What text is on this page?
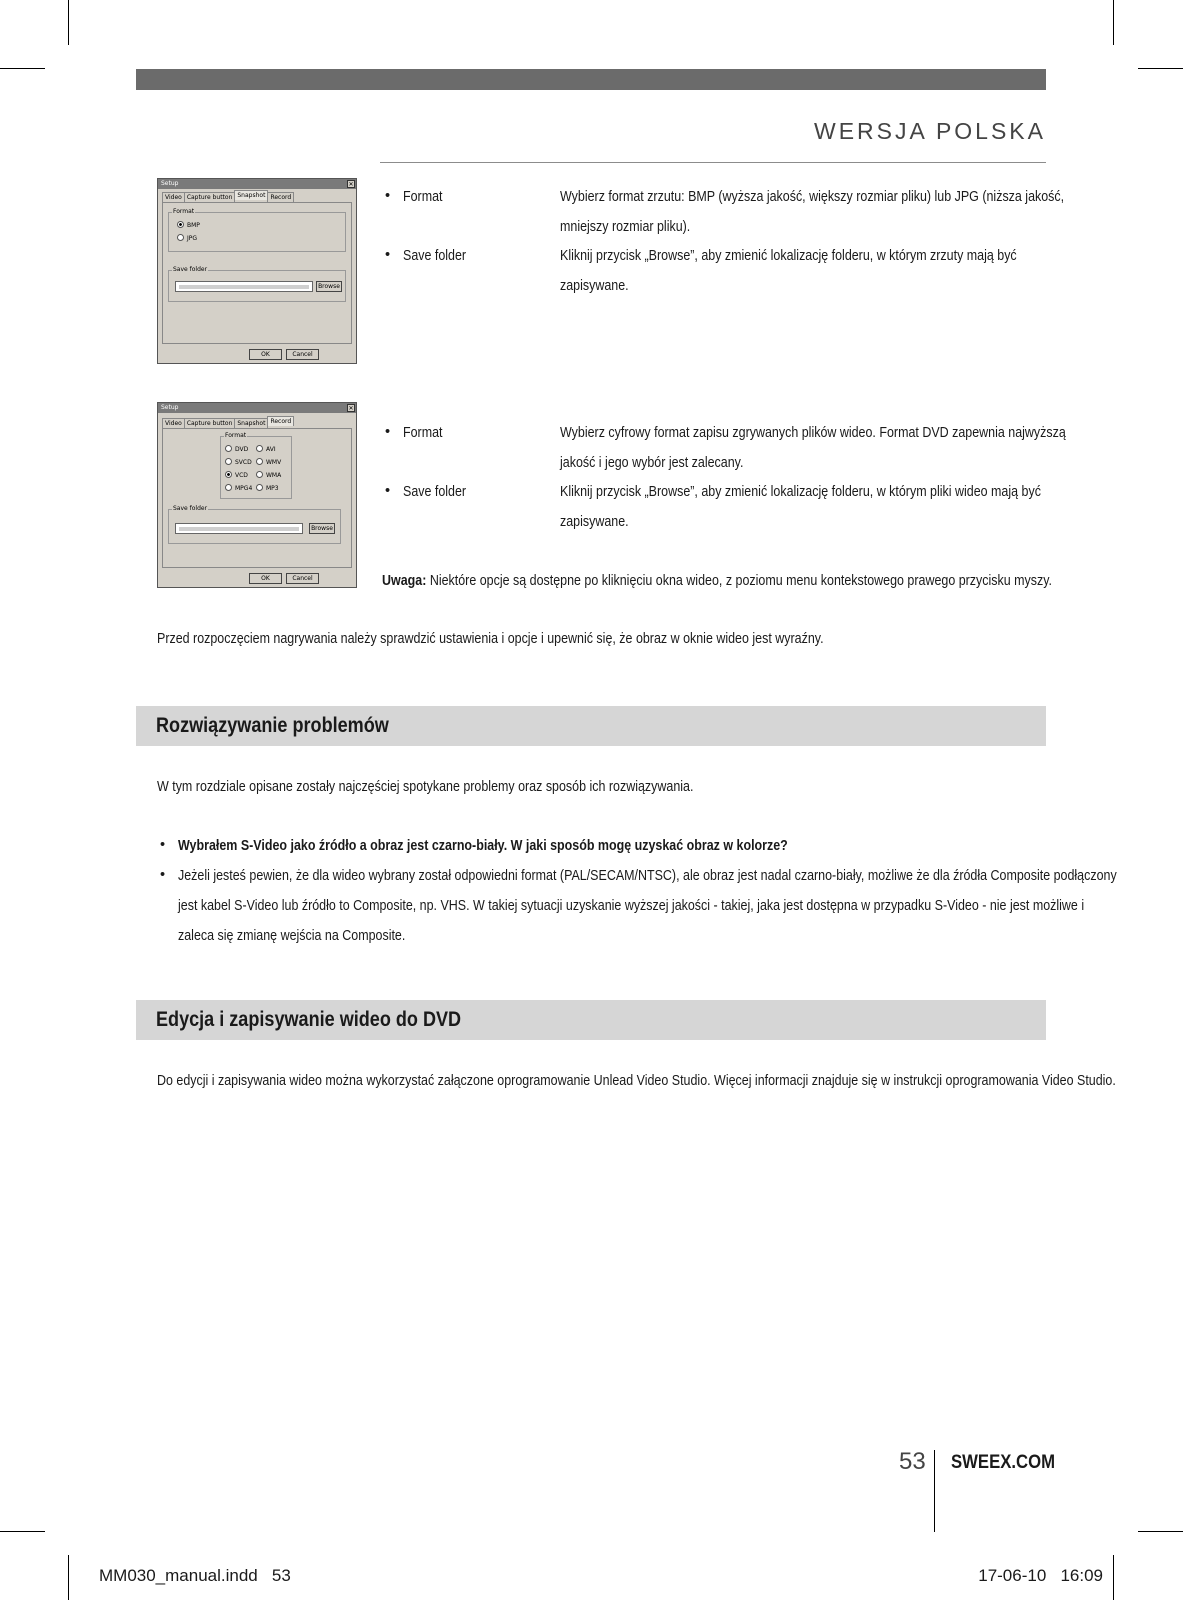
WERSJA POLSKA
Setup	✕
Video Capture button Snapshot Record
Format
BMP
JPG
Save folder
Browse
OK	Cancel
• Format	Wybierz format zrzutu: BMP (wyższa jakość, większy rozmiar pliku) lub JPG (niższa jakość,
mniejszy rozmiar pliku).
• Save folder	Kliknij przycisk „Browse”, aby zmienić lokalizację folderu, w którym zrzuty mają być
zapisywane.
Setup	✕
Video Capture button Snapshot Record
Format
DVD	AVI
SVCD	WMV
VCD	WMA
MPG4	MP3
Save folder
Browse
OK	Cancel
• Format	Wybierz cyfrowy format zapisu zgrywanych plików wideo. Format DVD zapewnia najwyższą
jakość i jego wybór jest zalecany.
• Save folder	Kliknij przycisk „Browse”, aby zmienić lokalizację folderu, w którym pliki wideo mają być
zapisywane.
Uwaga: Niektóre opcje są dostępne po kliknięciu okna wideo, z poziomu menu kontekstowego prawego przycisku myszy.
Przed rozpoczęciem nagrywania należy sprawdzić ustawienia i opcje i upewnić się, że obraz w oknie wideo jest wyraźny.
Rozwiązywanie problemów
W tym rozdziale opisane zostały najczęściej spotykane problemy oraz sposób ich rozwiązywania.
• Wybrałem S-Video jako źródło a obraz jest czarno-biały. W jaki sposób mogę uzyskać obraz w kolorze?
• Jeżeli jesteś pewien, że dla wideo wybrany został odpowiedni format (PAL/SECAM/NTSC), ale obraz jest nadal czarno-biały, możliwe że dla źródła Composite podłączony
jest kabel S-Video lub źródło to Composite, np. VHS. W takiej sytuacji uzyskanie wyższej jakości - takiej, jaka jest dostępna w przypadku S-Video - nie jest możliwe i
zaleca się zmianę wejścia na Composite.
Edycja i zapisywanie wideo do DVD
Do edycji i zapisywania wideo można wykorzystać załączone oprogramowanie Unlead Video Studio. Więcej informacji znajduje się w instrukcji oprogramowania Video Studio.
53 SWEEX.COM
MM030_manual.indd   53	17-06-10   16:09
